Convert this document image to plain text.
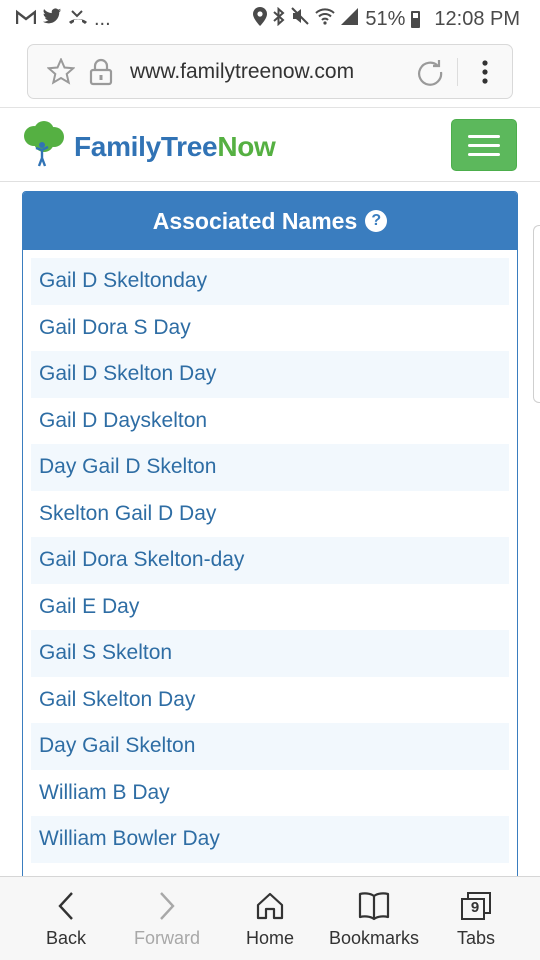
...	51% 12:08 PM
www.familytreenow.com
FamilyTreeNow
Associated Names ?
Gail D Skeltonday
Gail Dora S Day
Gail D Skelton Day
Gail D Dayskelton
Day Gail D Skelton
Skelton Gail D Day
Gail Dora Skelton-day
Gail E Day
Gail S Skelton
Gail Skelton Day
Day Gail Skelton
William B Day
William Bowler Day
Back	Forward	Home Bookmarks
9
Tabs
